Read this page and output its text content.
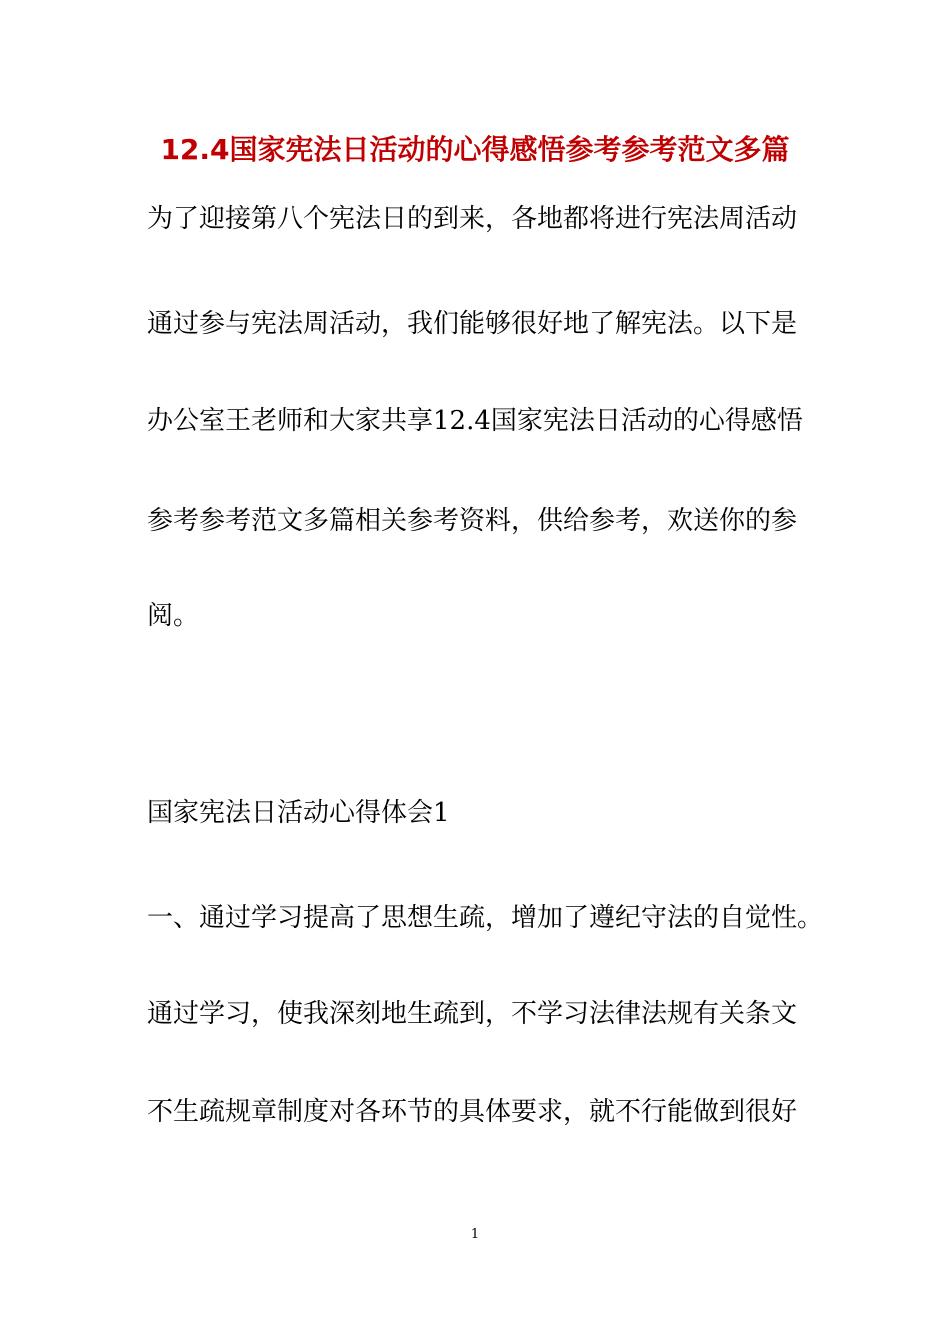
12.4国家宪法日活动的心得感悟参考参考范文多篇
为了迎接第八个宪法日的到来，各地都将进行宪法周活动
通过参与宪法周活动，我们能够很好地了解宪法。以下是
办公室王老师和大家共享12.4国家宪法日活动的心得感悟
参考参考范文多篇相关参考资料，供给参考，欢送你的参
阅。
国家宪法日活动心得体会1
一、通过学习提高了思想生疏，增加了遵纪守法的自觉性。
通过学习，使我深刻地生疏到，不学习法律法规有关条文
不生疏规章制度对各环节的具体要求，就不行能做到很好
1
